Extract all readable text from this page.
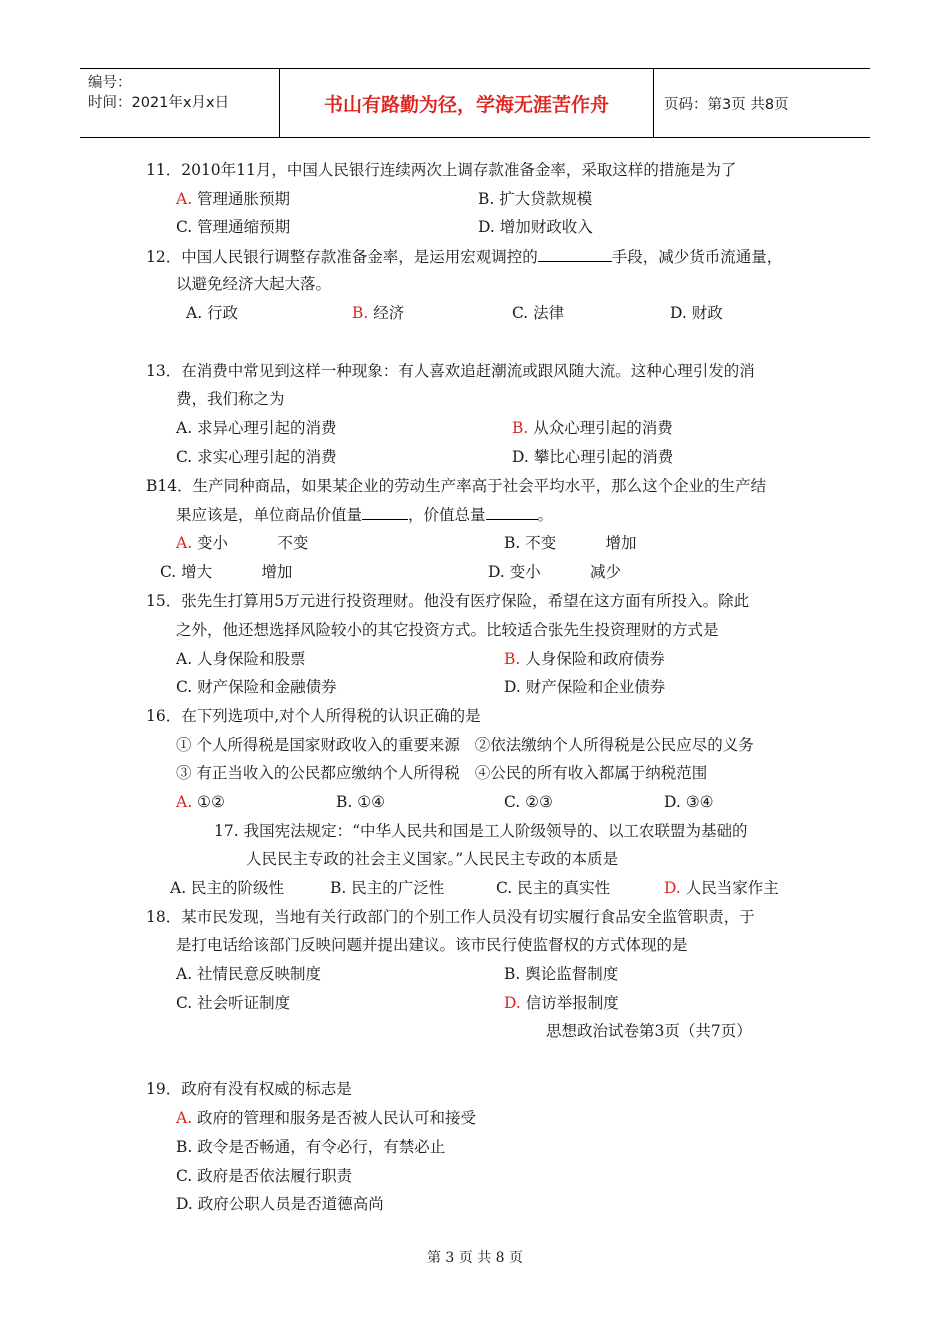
编号：
时间：2021年x月x日	书山有路勤为径，学海无涯苦作舟	页码：第3页 共8页
11．2010年11月，中国人民银行连续两次上调存款准备金率，采取这样的措施是为了
A. 管理通胀预期	B. 扩大贷款规模
C. 管理通缩预期	D. 增加财政收入
12．中国人民银行调整存款准备金率，是运用宏观调控的	手段，减少货币流通量，
以避免经济大起大落。
A. 行政	B. 经济	C. 法律	D. 财政
13．在消费中常见到这样一种现象：有人喜欢追赶潮流或跟风随大流。这种心理引发的消
费，我们称之为
A. 求异心理引起的消费	B. 从众心理引起的消费
C. 求实心理引起的消费	D. 攀比心理引起的消费
B14．生产同种商品，如果某企业的劳动生产率高于社会平均水平，那么这个企业的生产结
果应该是，单位商品价值量	，价值总量	。
A. 变小          不变	B. 不变          增加
C. 增大          增加	D. 变小          减少
15．张先生打算用5万元进行投资理财。他没有医疗保险，希望在这方面有所投入。除此
之外，他还想选择风险较小的其它投资方式。比较适合张先生投资理财的方式是
A. 人身保险和股票	B. 人身保险和政府债券
C. 财产保险和金融债券	D. 财产保险和企业债券
16．在下列选项中,对个人所得税的认识正确的是
① 个人所得税是国家财政收入的重要来源   ②依法缴纳个人所得税是公民应尽的义务
③ 有正当收入的公民都应缴纳个人所得税   ④公民的所有收入都属于纳税范围
A. ①②	B. ①④	C. ②③	D. ③④
17. 我国宪法规定：“中华人民共和国是工人阶级领导的、以工农联盟为基础的
人民民主专政的社会主义国家。”人民民主专政的本质是
A. 民主的阶级性	B. 民主的广泛性	C. 民主的真实性	D. 人民当家作主
18．某市民发现，当地有关行政部门的个别工作人员没有切实履行食品安全监管职责，于
是打电话给该部门反映问题并提出建议。该市民行使监督权的方式体现的是
A. 社情民意反映制度	B. 舆论监督制度
C. 社会听证制度	D. 信访举报制度
思想政治试卷第3页（共7页）
19．政府有没有权威的标志是
A. 政府的管理和服务是否被人民认可和接受
B. 政令是否畅通，有令必行，有禁必止
C. 政府是否依法履行职责
D. 政府公职人员是否道德高尚
第 3 页 共 8 页
